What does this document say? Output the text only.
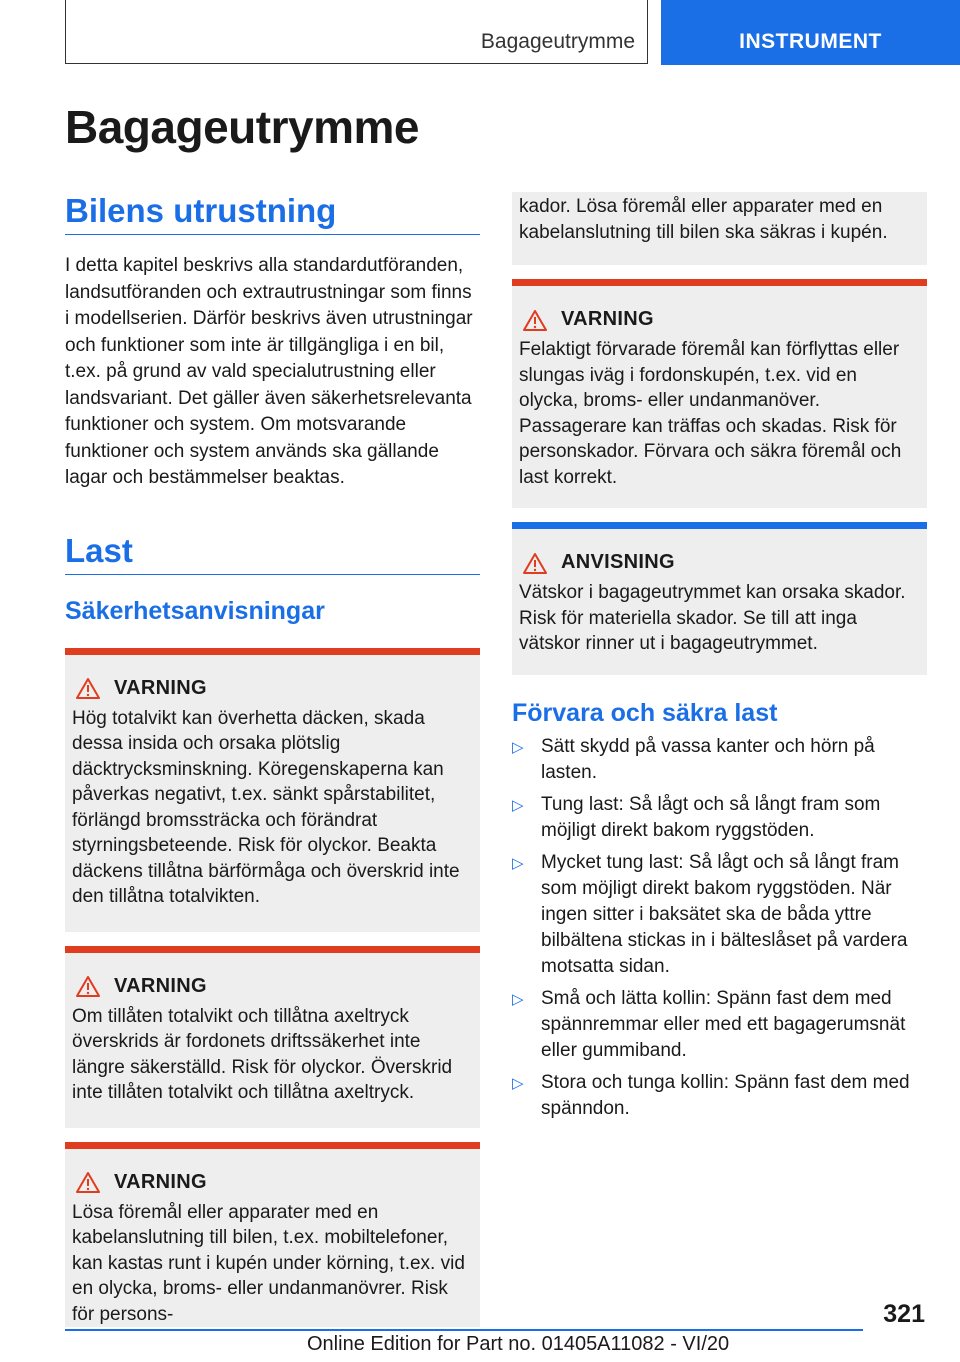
Bagageutrymme	INSTRUMENT
Bagageutrymme
Bilens utrustning

I detta kapitel beskrivs alla standardutföranden, landsutföranden och extrautrustningar som finns i modellserien. Därför beskrivs även utrustningar och funktioner som inte är tillgängliga i en bil, t.ex. på grund av vald specialutrustning eller landsvariant. Det gäller även säkerhetsrelevanta funktioner och system. Om motsvarande funktioner och system används ska gällande lagar och bestämmelser beaktas.

Last
Säkerhetsanvisningar
VARNING

Hög totalvikt kan överhetta däcken, skada dessa insida och orsaka plötslig däcktrycksminskning. Köregenskaperna kan påverkas negativt, t.ex. sänkt spårstabilitet, förlängd bromssträcka och förändrat styrningsbeteende. Risk för olyckor. Beakta däckens tillåtna bärförmåga och överskrid inte den tillåtna totalvikten.

VARNING

Om tillåten totalvikt och tillåtna axeltryck överskrids är fordonets driftssäkerhet inte längre säkerställd. Risk för olyckor. Överskrid inte tillåten totalvikt och tillåtna axeltryck.

VARNING

Lösa föremål eller apparater med en kabelanslutning till bilen, t.ex. mobiltelefoner, kan kastas runt i kupén under körning, t.ex. vid en olycka, broms- eller undanmanövrer. Risk för persons-

kador. Lösa föremål eller apparater med en kabelanslutning till bilen ska säkras i kupén.

VARNING

Felaktigt förvarade föremål kan förflyttas eller slungas iväg i fordonskupén, t.ex. vid en olycka, broms- eller undanmanöver. Passagerare kan träffas och skadas. Risk för personskador. Förvara och säkra föremål och last korrekt.

ANVISNING

Vätskor i bagageutrymmet kan orsaka skador. Risk för materiella skador. Se till att inga vätskor rinner ut i bagageutrymmet.

Förvara och säkra last
▷ Sätt skydd på vassa kanter och hörn på lasten.
▷ Tung last: Så lågt och så långt fram som möjligt direkt bakom ryggstöden.
▷ Mycket tung last: Så lågt och så långt fram som möjligt direkt bakom ryggstöden. När ingen sitter i baksätet ska de båda yttre bilbältena stickas in i bälteslåset på vardera motsatta sidan.
▷ Små och lätta kollin: Spänn fast dem med spännremmar eller med ett bagagerumsnät eller gummiband.
▷ Stora och tunga kollin: Spänn fast dem med spänndon.
321
Online Edition for Part no. 01405A11082 - VI/20
